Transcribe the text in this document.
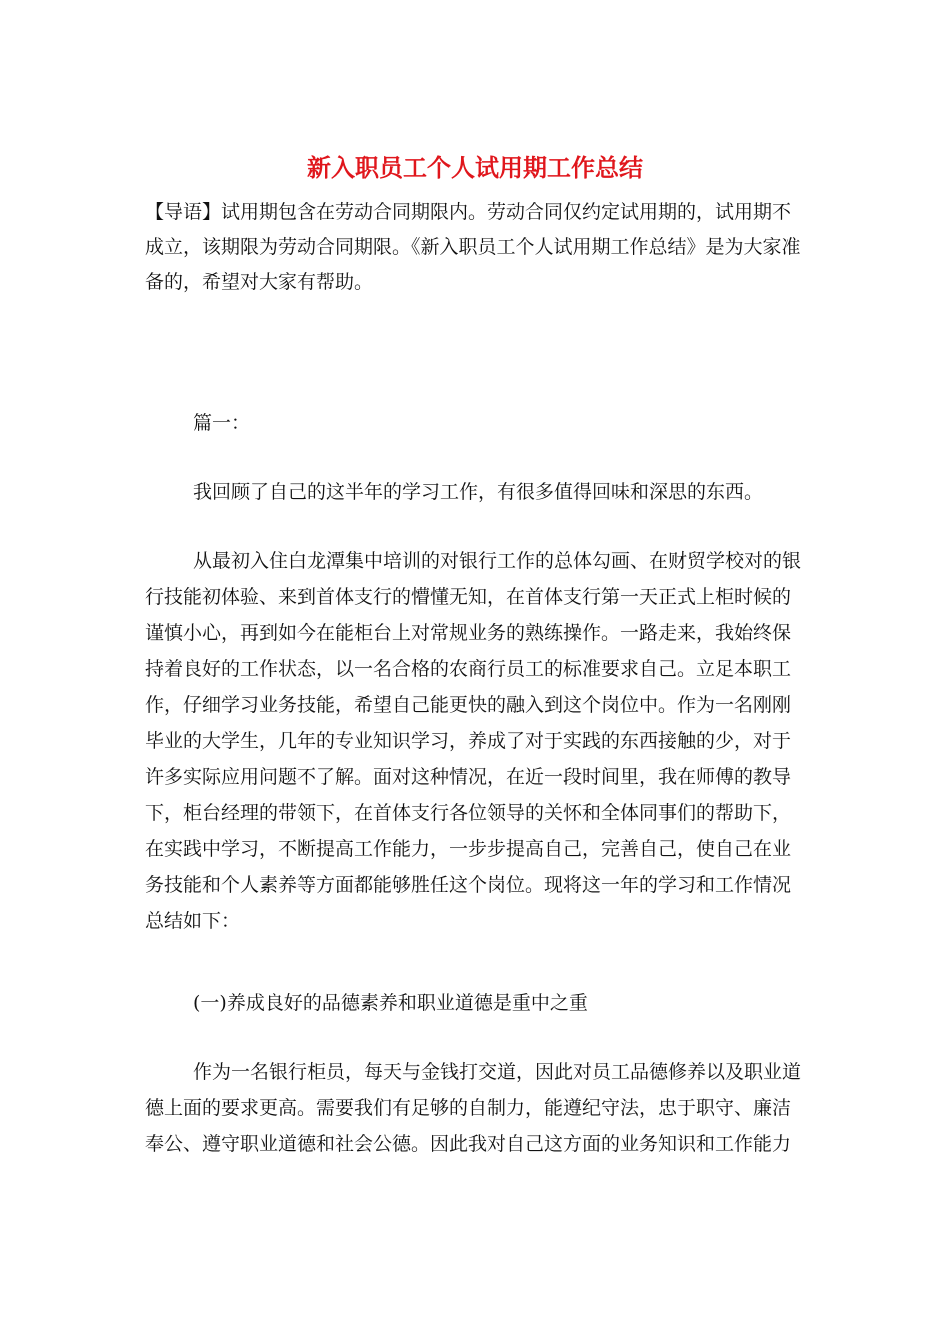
新入职员工个人试用期工作总结

【导语】试用期包含在劳动合同期限内。劳动合同仅约定试用期的，试用期不成立，该期限为劳动合同期限。《新入职员工个人试用期工作总结》是为大家准备的，希望对大家有帮助。

篇一：

我回顾了自己的这半年的学习工作，有很多值得回味和深思的东西。

从最初入住白龙潭集中培训的对银行工作的总体勾画、在财贸学校对的银行技能初体验、来到首体支行的懵懂无知，在首体支行第一天正式上柜时候的谨慎小心，再到如今在能柜台上对常规业务的熟练操作。一路走来，我始终保持着良好的工作状态，以一名合格的农商行员工的标准要求自己。立足本职工作，仔细学习业务技能，希望自己能更快的融入到这个岗位中。作为一名刚刚毕业的大学生，几年的专业知识学习，养成了对于实践的东西接触的少，对于许多实际应用问题不了解。面对这种情况，在近一段时间里，我在师傅的教导下，柜台经理的带领下，在首体支行各位领导的关怀和全体同事们的帮助下，在实践中学习，不断提高工作能力，一步步提高自己，完善自己，使自己在业务技能和个人素养等方面都能够胜任这个岗位。现将这一年的学习和工作情况总结如下：

(一)养成良好的品德素养和职业道德是重中之重

作为一名银行柜员，每天与金钱打交道，因此对员工品德修养以及职业道德上面的要求更高。需要我们有足够的自制力，能遵纪守法，忠于职守、廉洁奉公、遵守职业道德和社会公德。因此我对自己这方面的业务知识和工作能力
